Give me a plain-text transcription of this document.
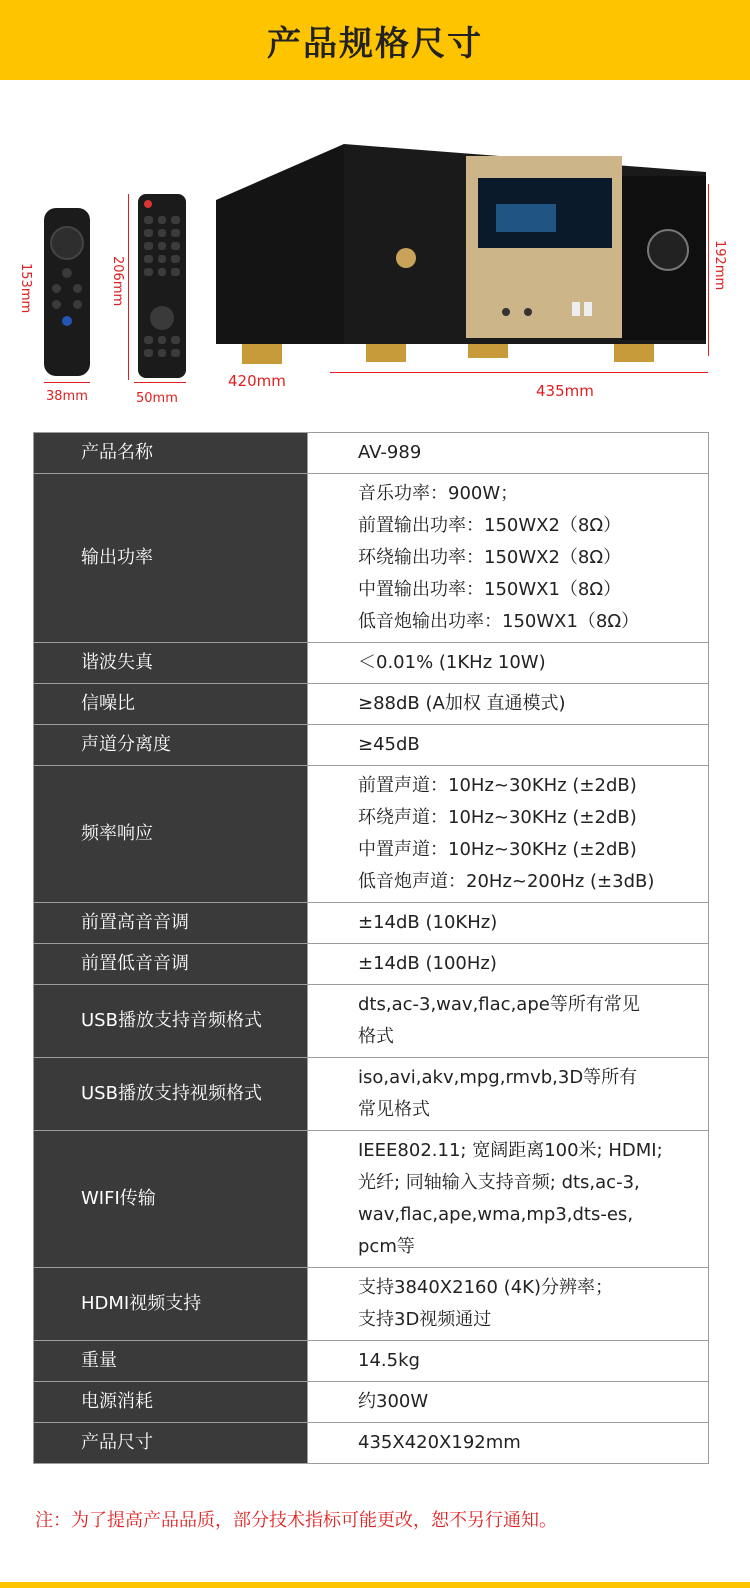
产品规格尺寸
153mm
38mm
206mm
50mm
192mm
420mm
435mm
产品名称	AV-989

输出功率	音乐功率：900W；
前置输出功率：150WX2（8Ω）
环绕输出功率：150WX2（8Ω）
中置输出功率：150WX1（8Ω）
低音炮输出功率：150WX1（8Ω）

谐波失真	＜0.01% (1KHz 10W)

信噪比	≥88dB (A加权 直通模式)

声道分离度	≥45dB

频率响应	前置声道：10Hz~30KHz (±2dB)
环绕声道：10Hz~30KHz (±2dB)
中置声道：10Hz~30KHz (±2dB)
低音炮声道：20Hz~200Hz (±3dB)

前置高音音调	±14dB (10KHz)

前置低音音调	±14dB (100Hz)

USB播放支持音频格式	dts,ac-3,wav,flac,ape等所有常见
格式

USB播放支持视频格式	iso,avi,akv,mpg,rmvb,3D等所有
常见格式

WIFI传输	IEEE802.11; 宽阔距离100米; HDMI;
光纤; 同轴输入支持音频; dts,ac-3,
wav,flac,ape,wma,mp3,dts-es,
pcm等

HDMI视频支持	支持3840X2160 (4K)分辨率；
支持3D视频通过

重量	14.5kg

电源消耗	约300W

产品尺寸	435X420X192mm
注：为了提高产品品质，部分技术指标可能更改，恕不另行通知。
